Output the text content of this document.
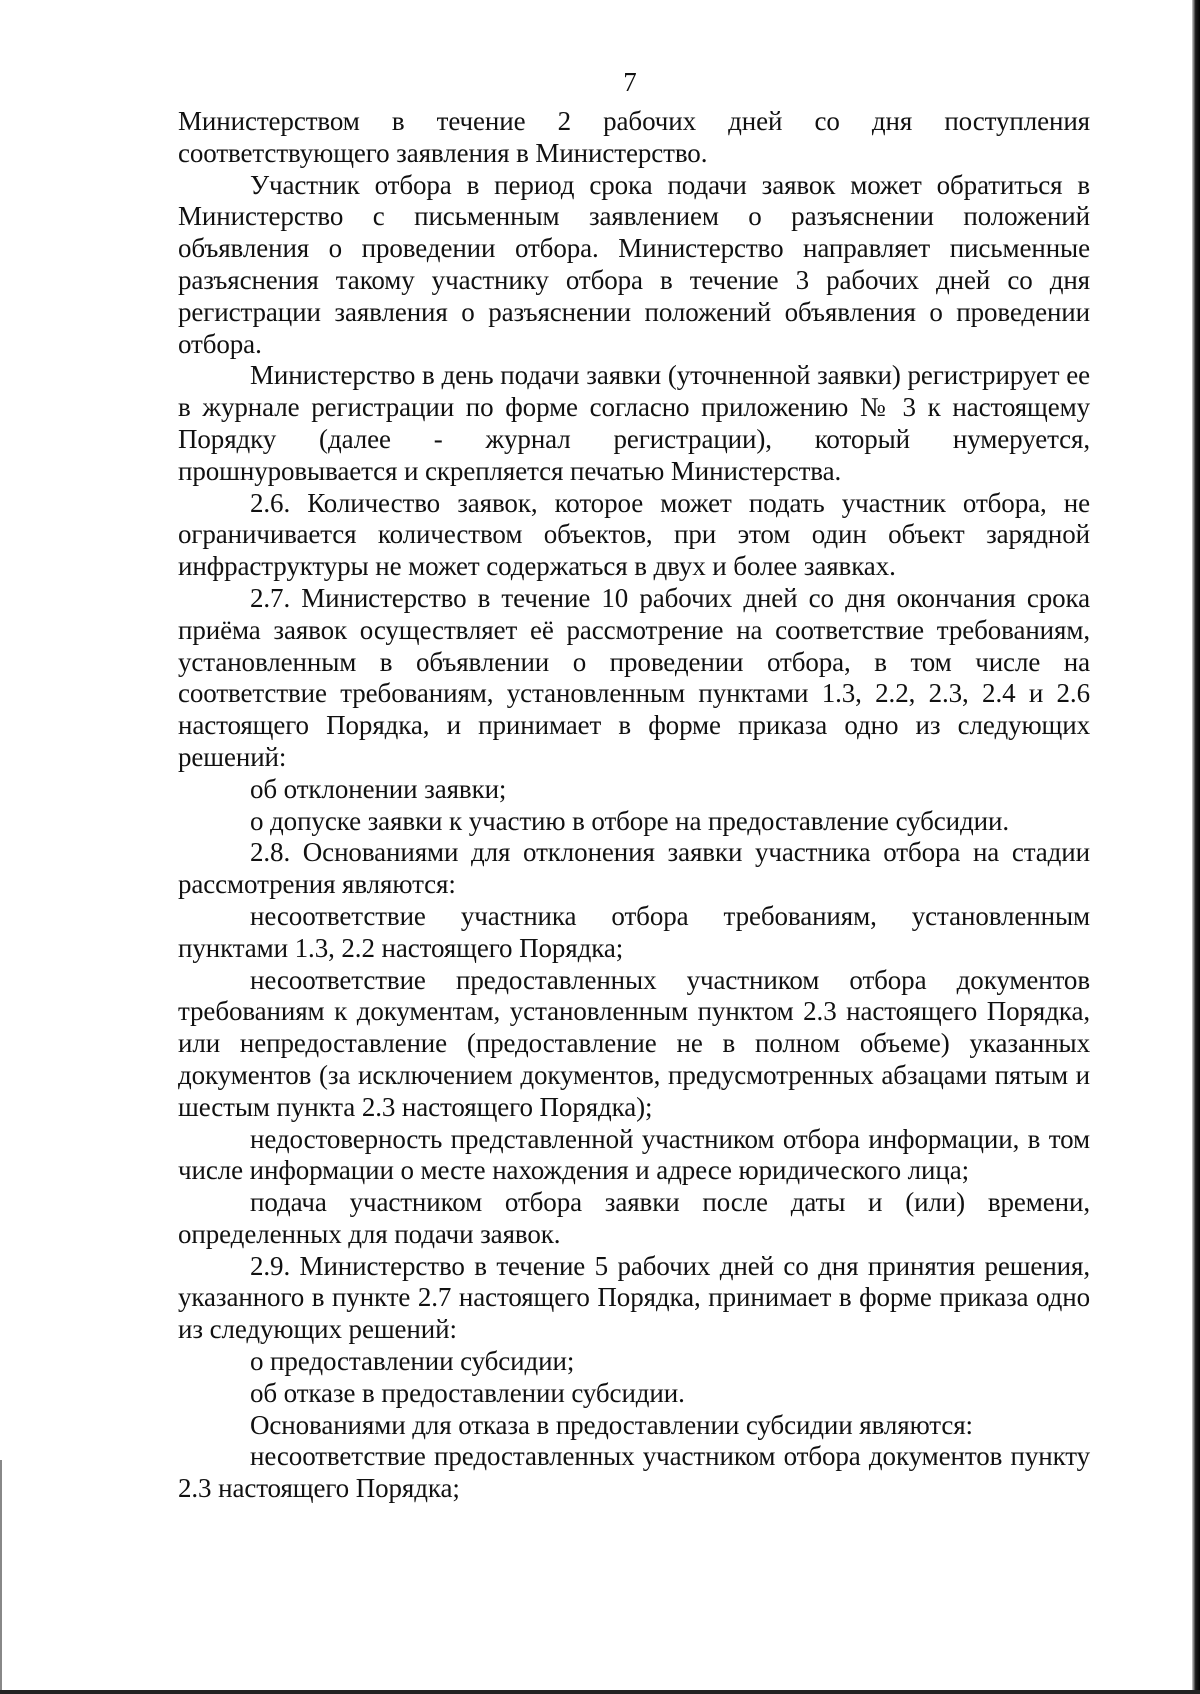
7

Министерством в течение 2 рабочих дней со дня поступления соответствующего заявления в Министерство.

Участник отбора в период срока подачи заявок может обратиться в Министерство с письменным заявлением о разъяснении положений объявления о проведении отбора. Министерство направляет письменные разъяснения такому участнику отбора в течение 3 рабочих дней со дня регистрации заявления о разъяснении положений объявления о проведении отбора.

Министерство в день подачи заявки (уточненной заявки) регистрирует ее в журнале регистрации по форме согласно приложению № 3 к настоящему Порядку (далее - журнал регистрации), который нумеруется, прошнуровывается и скрепляется печатью Министерства.

2.6. Количество заявок, которое может подать участник отбора, не ограничивается количеством объектов, при этом один объект зарядной инфраструктуры не может содержаться в двух и более заявках.

2.7. Министерство в течение 10 рабочих дней со дня окончания срока приёма заявок осуществляет её рассмотрение на соответствие требованиям, установленным в объявлении о проведении отбора, в том числе на соответствие требованиям, установленным пунктами 1.3, 2.2, 2.3, 2.4 и 2.6 настоящего Порядка, и принимает в форме приказа одно из следующих решений:

об отклонении заявки;

о допуске заявки к участию в отборе на предоставление субсидии.

2.8. Основаниями для отклонения заявки участника отбора на стадии рассмотрения являются:

несоответствие участника отбора требованиям, установленным пунктами 1.3, 2.2 настоящего Порядка;

несоответствие предоставленных участником отбора документов требованиям к документам, установленным пунктом 2.3 настоящего Порядка, или непредоставление (предоставление не в полном объеме) указанных документов (за исключением документов, предусмотренных абзацами пятым и шестым пункта 2.3 настоящего Порядка);

недостоверность представленной участником отбора информации, в том числе информации о месте нахождения и адресе юридического лица;

подача участником отбора заявки после даты и (или) времени, определенных для подачи заявок.

2.9. Министерство в течение 5 рабочих дней со дня принятия решения, указанного в пункте 2.7 настоящего Порядка, принимает в форме приказа одно из следующих решений:

о предоставлении субсидии;

об отказе в предоставлении субсидии.

Основаниями для отказа в предоставлении субсидии являются:

несоответствие предоставленных участником отбора документов пункту 2.3 настоящего Порядка;
